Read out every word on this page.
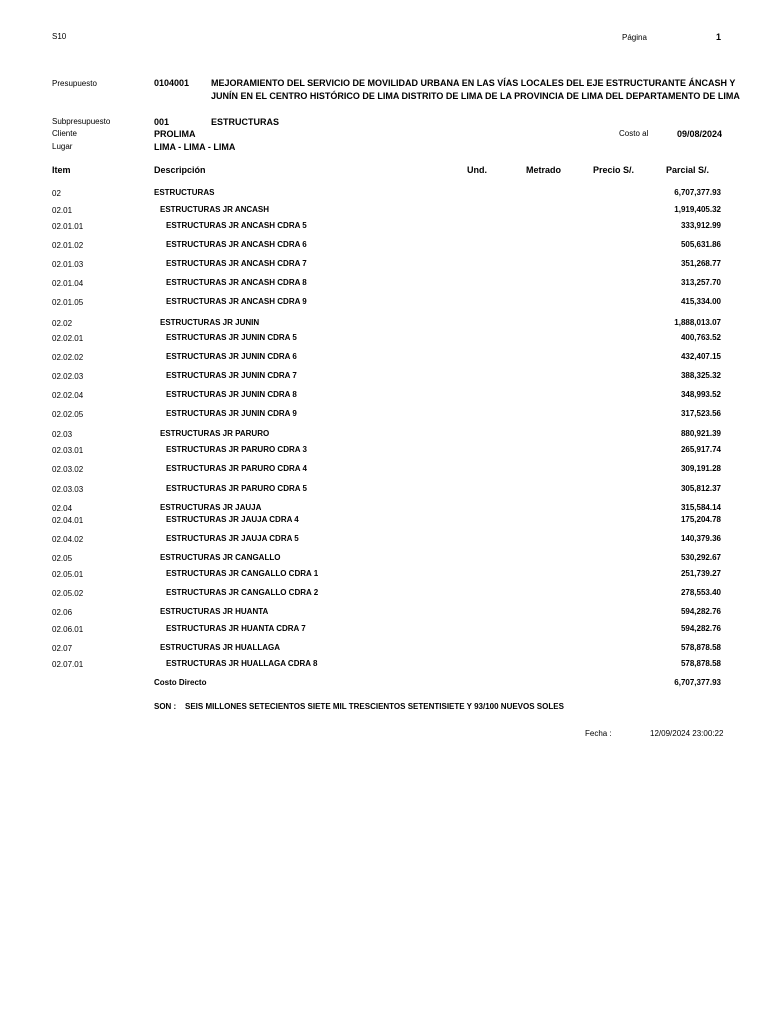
S10	Página	1
Presupuesto	0104001 MEJORAMIENTO DEL SERVICIO DE MOVILIDAD URBANA EN LAS VÍAS LOCALES DEL EJE ESTRUCTURANTE ÁNCASH Y
JUNÍN EN EL CENTRO HISTÓRICO DE LIMA DISTRITO DE LIMA DE LA PROVINCIA DE LIMA DEL DEPARTAMENTO DE LIMA
Subpresupuesto	001	ESTRUCTURAS
Cliente	PROLIMA	Costo al	09/08/2024
Lugar	LIMA - LIMA - LIMA
Item	Descripción	Und.	Metrado	Precio S/.	Parcial S/.
02	ESTRUCTURAS	6,707,377.93
02.01	ESTRUCTURAS JR ANCASH	1,919,405.32
02.01.01	ESTRUCTURAS JR ANCASH CDRA 5	333,912.99
02.01.02	ESTRUCTURAS JR ANCASH CDRA 6	505,631.86
02.01.03	ESTRUCTURAS JR ANCASH CDRA 7	351,268.77
02.01.04	ESTRUCTURAS JR ANCASH CDRA 8	313,257.70
02.01.05	ESTRUCTURAS JR ANCASH CDRA 9	415,334.00
02.02	ESTRUCTURAS JR JUNIN	1,888,013.07
02.02.01	ESTRUCTURAS JR JUNIN CDRA 5	400,763.52
02.02.02	ESTRUCTURAS JR JUNIN CDRA 6	432,407.15
02.02.03	ESTRUCTURAS JR JUNIN CDRA 7	388,325.32
02.02.04	ESTRUCTURAS JR JUNIN CDRA 8	348,993.52
02.02.05	ESTRUCTURAS JR JUNIN CDRA 9	317,523.56
02.03	ESTRUCTURAS JR PARURO	880,921.39
02.03.01	ESTRUCTURAS JR PARURO CDRA 3	265,917.74
02.03.02	ESTRUCTURAS JR PARURO CDRA 4	309,191.28
02.03.03	ESTRUCTURAS JR PARURO CDRA 5	305,812.37
02.04	ESTRUCTURAS JR JAUJA	315,584.14
02.04.01	ESTRUCTURAS JR JAUJA CDRA 4	175,204.78
02.04.02	ESTRUCTURAS JR JAUJA CDRA 5	140,379.36
02.05	ESTRUCTURAS JR CANGALLO	530,292.67
02.05.01	ESTRUCTURAS JR CANGALLO CDRA 1	251,739.27
02.05.02	ESTRUCTURAS JR CANGALLO CDRA 2	278,553.40
02.06	ESTRUCTURAS JR HUANTA	594,282.76
02.06.01	ESTRUCTURAS JR HUANTA CDRA 7	594,282.76
02.07	ESTRUCTURAS JR HUALLAGA	578,878.58
02.07.01	ESTRUCTURAS JR HUALLAGA CDRA 8	578,878.58
Costo Directo	6,707,377.93
SON : SEIS MILLONES SETECIENTOS SIETE MIL TRESCIENTOS SETENTISIETE Y 93/100 NUEVOS SOLES
Fecha :	12/09/2024 23:00:22
